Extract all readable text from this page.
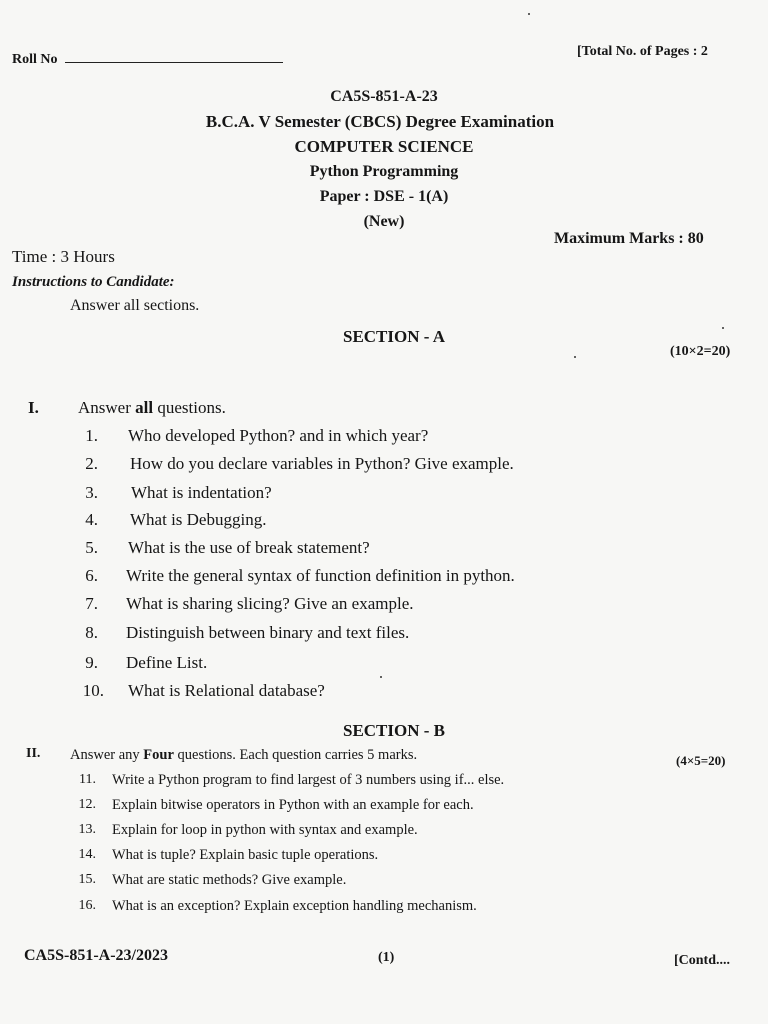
Roll No
[Total No. of Pages : 2
CA5S-851-A-23
B.C.A. V Semester (CBCS) Degree Examination
COMPUTER SCIENCE
Python Programming
Paper : DSE - 1(A)
(New)
Time : 3 Hours
Maximum Marks : 80
Instructions to Candidate:
Answer all sections.
SECTION - A
(10×2=20)
I. Answer all questions.
1. Who developed Python? and in which year?
2. How do you declare variables in Python? Give example.
3. What is indentation?
4. What is Debugging.
5. What is the use of break statement?
6. Write the general syntax of function definition in python.
7. What is sharing slicing? Give an example.
8. Distinguish between binary and text files.
9. Define List.
10. What is Relational database?
SECTION - B
II. Answer any Four questions. Each question carries 5 marks.	(4×5=20)
11. Write a Python program to find largest of 3 numbers using if... else.
12. Explain bitwise operators in Python with an example for each.
13. Explain for loop in python with syntax and example.
14. What is tuple? Explain basic tuple operations.
15. What are static methods? Give example.
16. What is an exception? Explain exception handling mechanism.
CA5S-851-A-23/2023	(1)	[Contd....
